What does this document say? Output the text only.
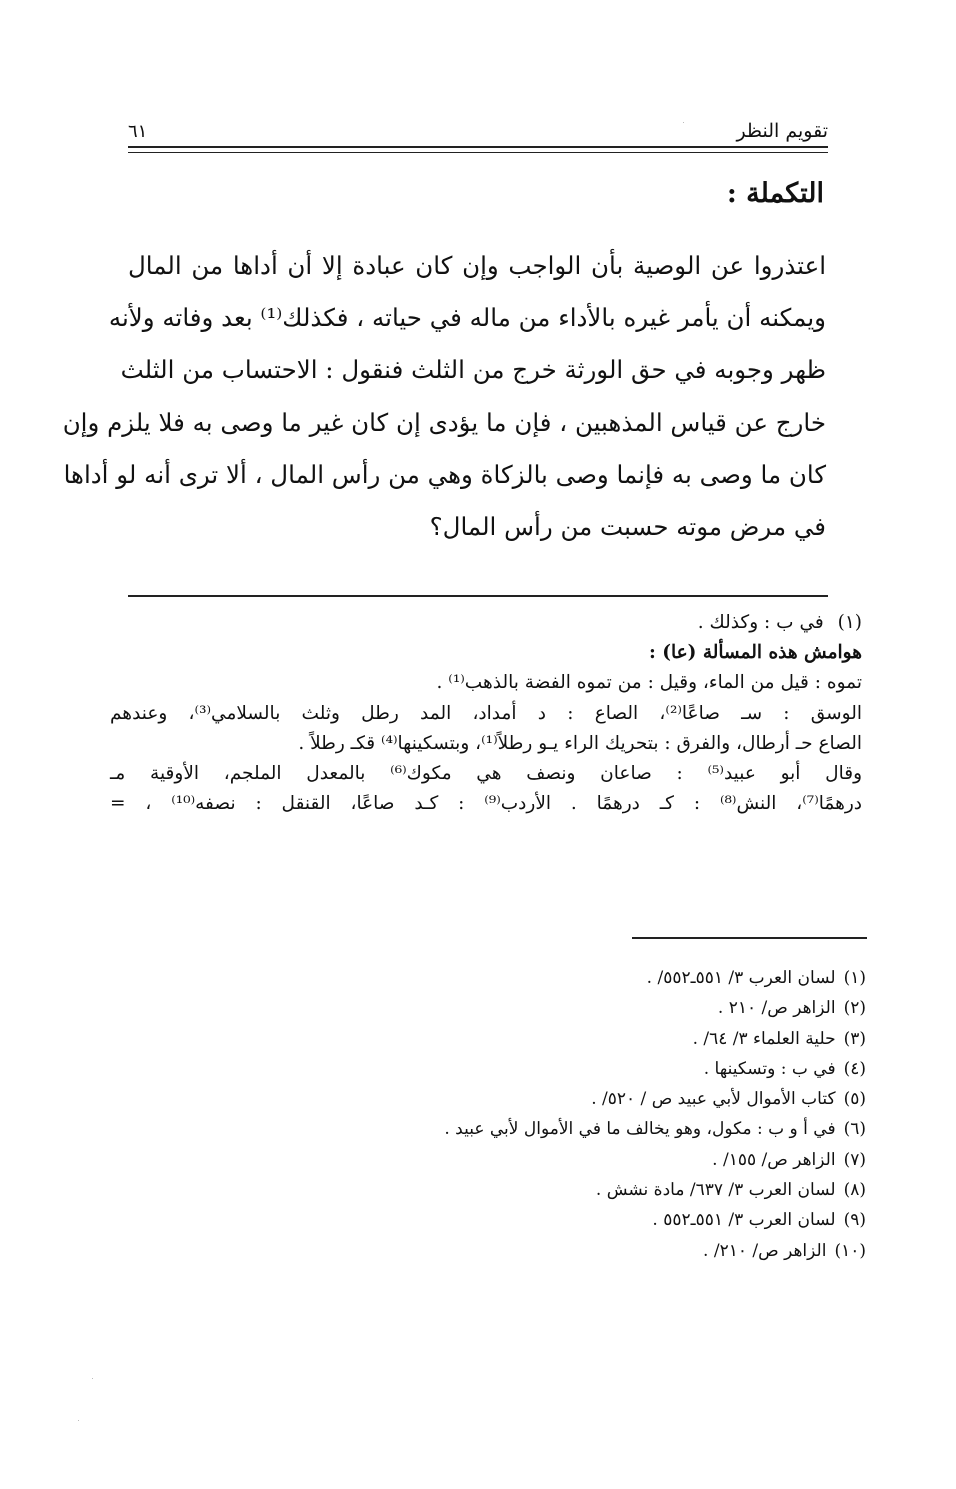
تقويم النظر
٦١
التكملة :
اعتذروا عن الوصية بأن الواجب وإن كان عبادة إلا أن أداها من المال
ويمكنه أن يأمر غيره بالأداء من ماله في حياته ، فكذلك⁽¹⁾ بعد وفاته ولأنه
ظهر وجوبه في حق الورثة خرج من الثلث فنقول : الاحتساب من الثلث
خارج عن قياس المذهبين ، فإن ما يؤدى إن كان غير ما وصى به فلا يلزم وإن
كان ما وصى به فإنما وصى بالزكاة وهي من رأس المال ، ألا ترى أنه لو أداها
في مرض موته حسبت من رأس المال؟
(١) في ب : وكذلك .
هوامش هذه المسألة (عا) :
تموه : قيل من الماء، وقيل : من تموه الفضة بالذهب⁽¹⁾ .
الوسق : سـ صاعًا⁽²⁾، الصاع : د أمداد، المد رطل وثلث بالسلامي⁽³⁾، وعندهم
الصاع حـ أرطال، والفرق : بتحريك الراء يـو رطلاً⁽¹⁾، وبتسكينها⁽⁴⁾ قكـ رطلاً .
وقال أبو عبيد⁽⁵⁾ : صاعان ونصف هي مكوك⁽⁶⁾ بالمعدل الملجم، الأوقية مـ
درهمًا⁽⁷⁾، النش⁽⁸⁾ : كـ درهمًا . الأردب⁽⁹⁾ : كـد صاعًا، القنقل : نصفه⁽¹⁰⁾ ، =
(١)لسان العرب ٣/ ٥٥١ـ٥٥٢/ .
(٢)الزاهر ص/ ٢١٠ .
(٣)حلية العلماء ٣/ ٦٤/ .
(٤)في ب : وتسكينها .
(٥)كتاب الأموال لأبي عبيد ص / ٥٢٠/ .
(٦)في أ و ب : مكول، وهو يخالف ما في الأموال لأبي عبيد .
(٧)الزاهر ص/ ١٥٥/ .
(٨)لسان العرب ٣/ ٦٣٧/ مادة نشش .
(٩)لسان العرب ٣/ ٥٥١ـ٥٥٢ .
(١٠)الزاهر ص/ ٢١٠/ .
